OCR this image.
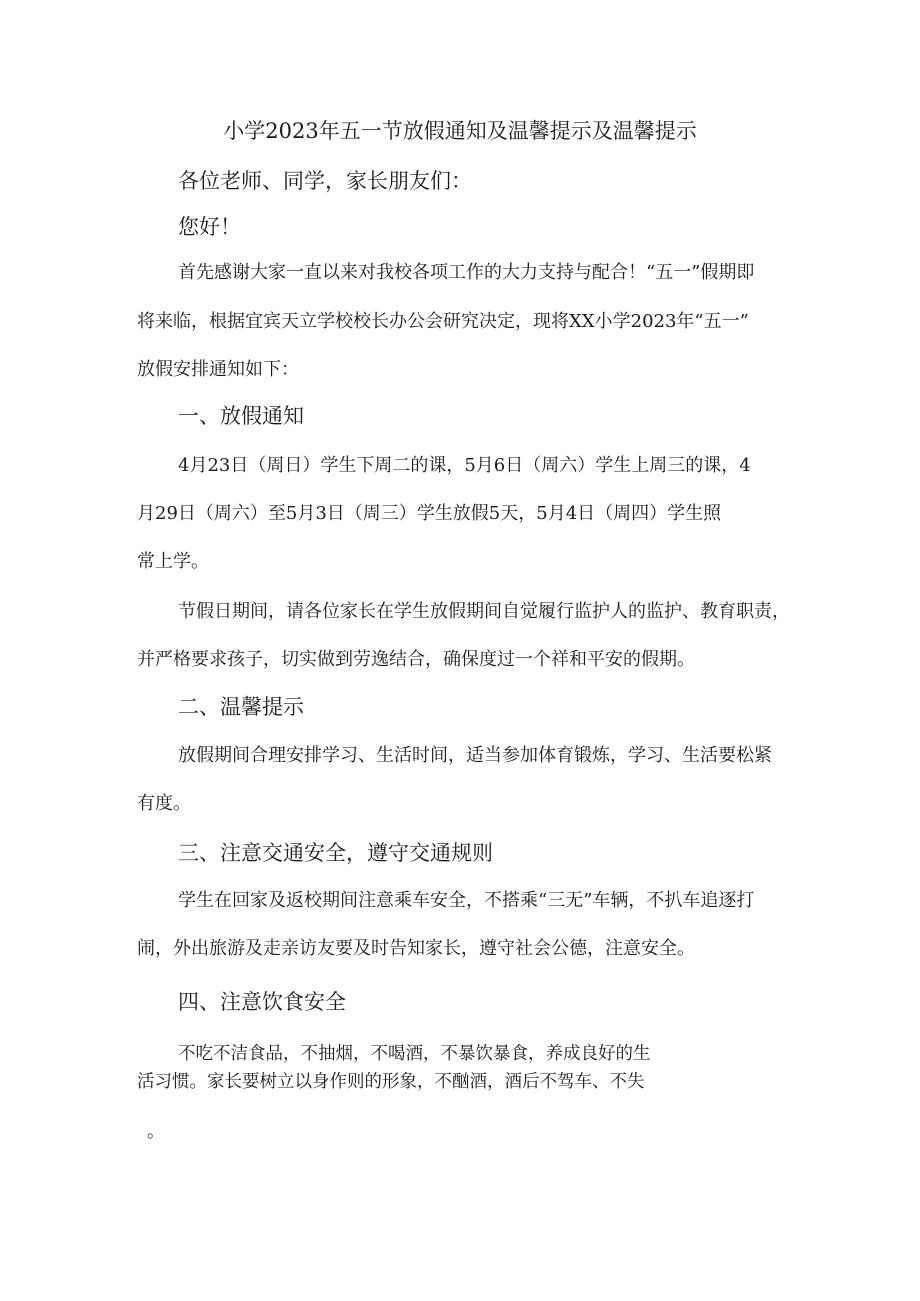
小学2023年五一节放假通知及温馨提示及温馨提示

各位老师、同学，家长朋友们：

您好！

首先感谢大家一直以来对我校各项工作的大力支持与配合！“五一”假期即

将来临，根据宜宾天立学校校长办公会研究决定，现将XX小学2023年“五一”

放假安排通知如下：

一、放假通知

4月23日（周日）学生下周二的课，5月6日（周六）学生上周三的课，4

月29日（周六）至5月3日（周三）学生放假5天，5月4日（周四）学生照

常上学。

节假日期间，请各位家长在学生放假期间自觉履行监护人的监护、教育职责，

并严格要求孩子，切实做到劳逸结合，确保度过一个祥和平安的假期。

二、温馨提示

放假期间合理安排学习、生活时间，适当参加体育锻炼，学习、生活要松紧

有度。

三、注意交通安全，遵守交通规则

学生在回家及返校期间注意乘车安全，不搭乘“三无”车辆，不扒车追逐打

闹，外出旅游及走亲访友要及时告知家长，遵守社会公德，注意安全。

四、注意饮食安全

不吃不洁食品，不抽烟，不喝酒，不暴饮暴食，养成良好的生

活习惯。家长要树立以身作则的形象，不酗酒，酒后不驾车、不失

。
